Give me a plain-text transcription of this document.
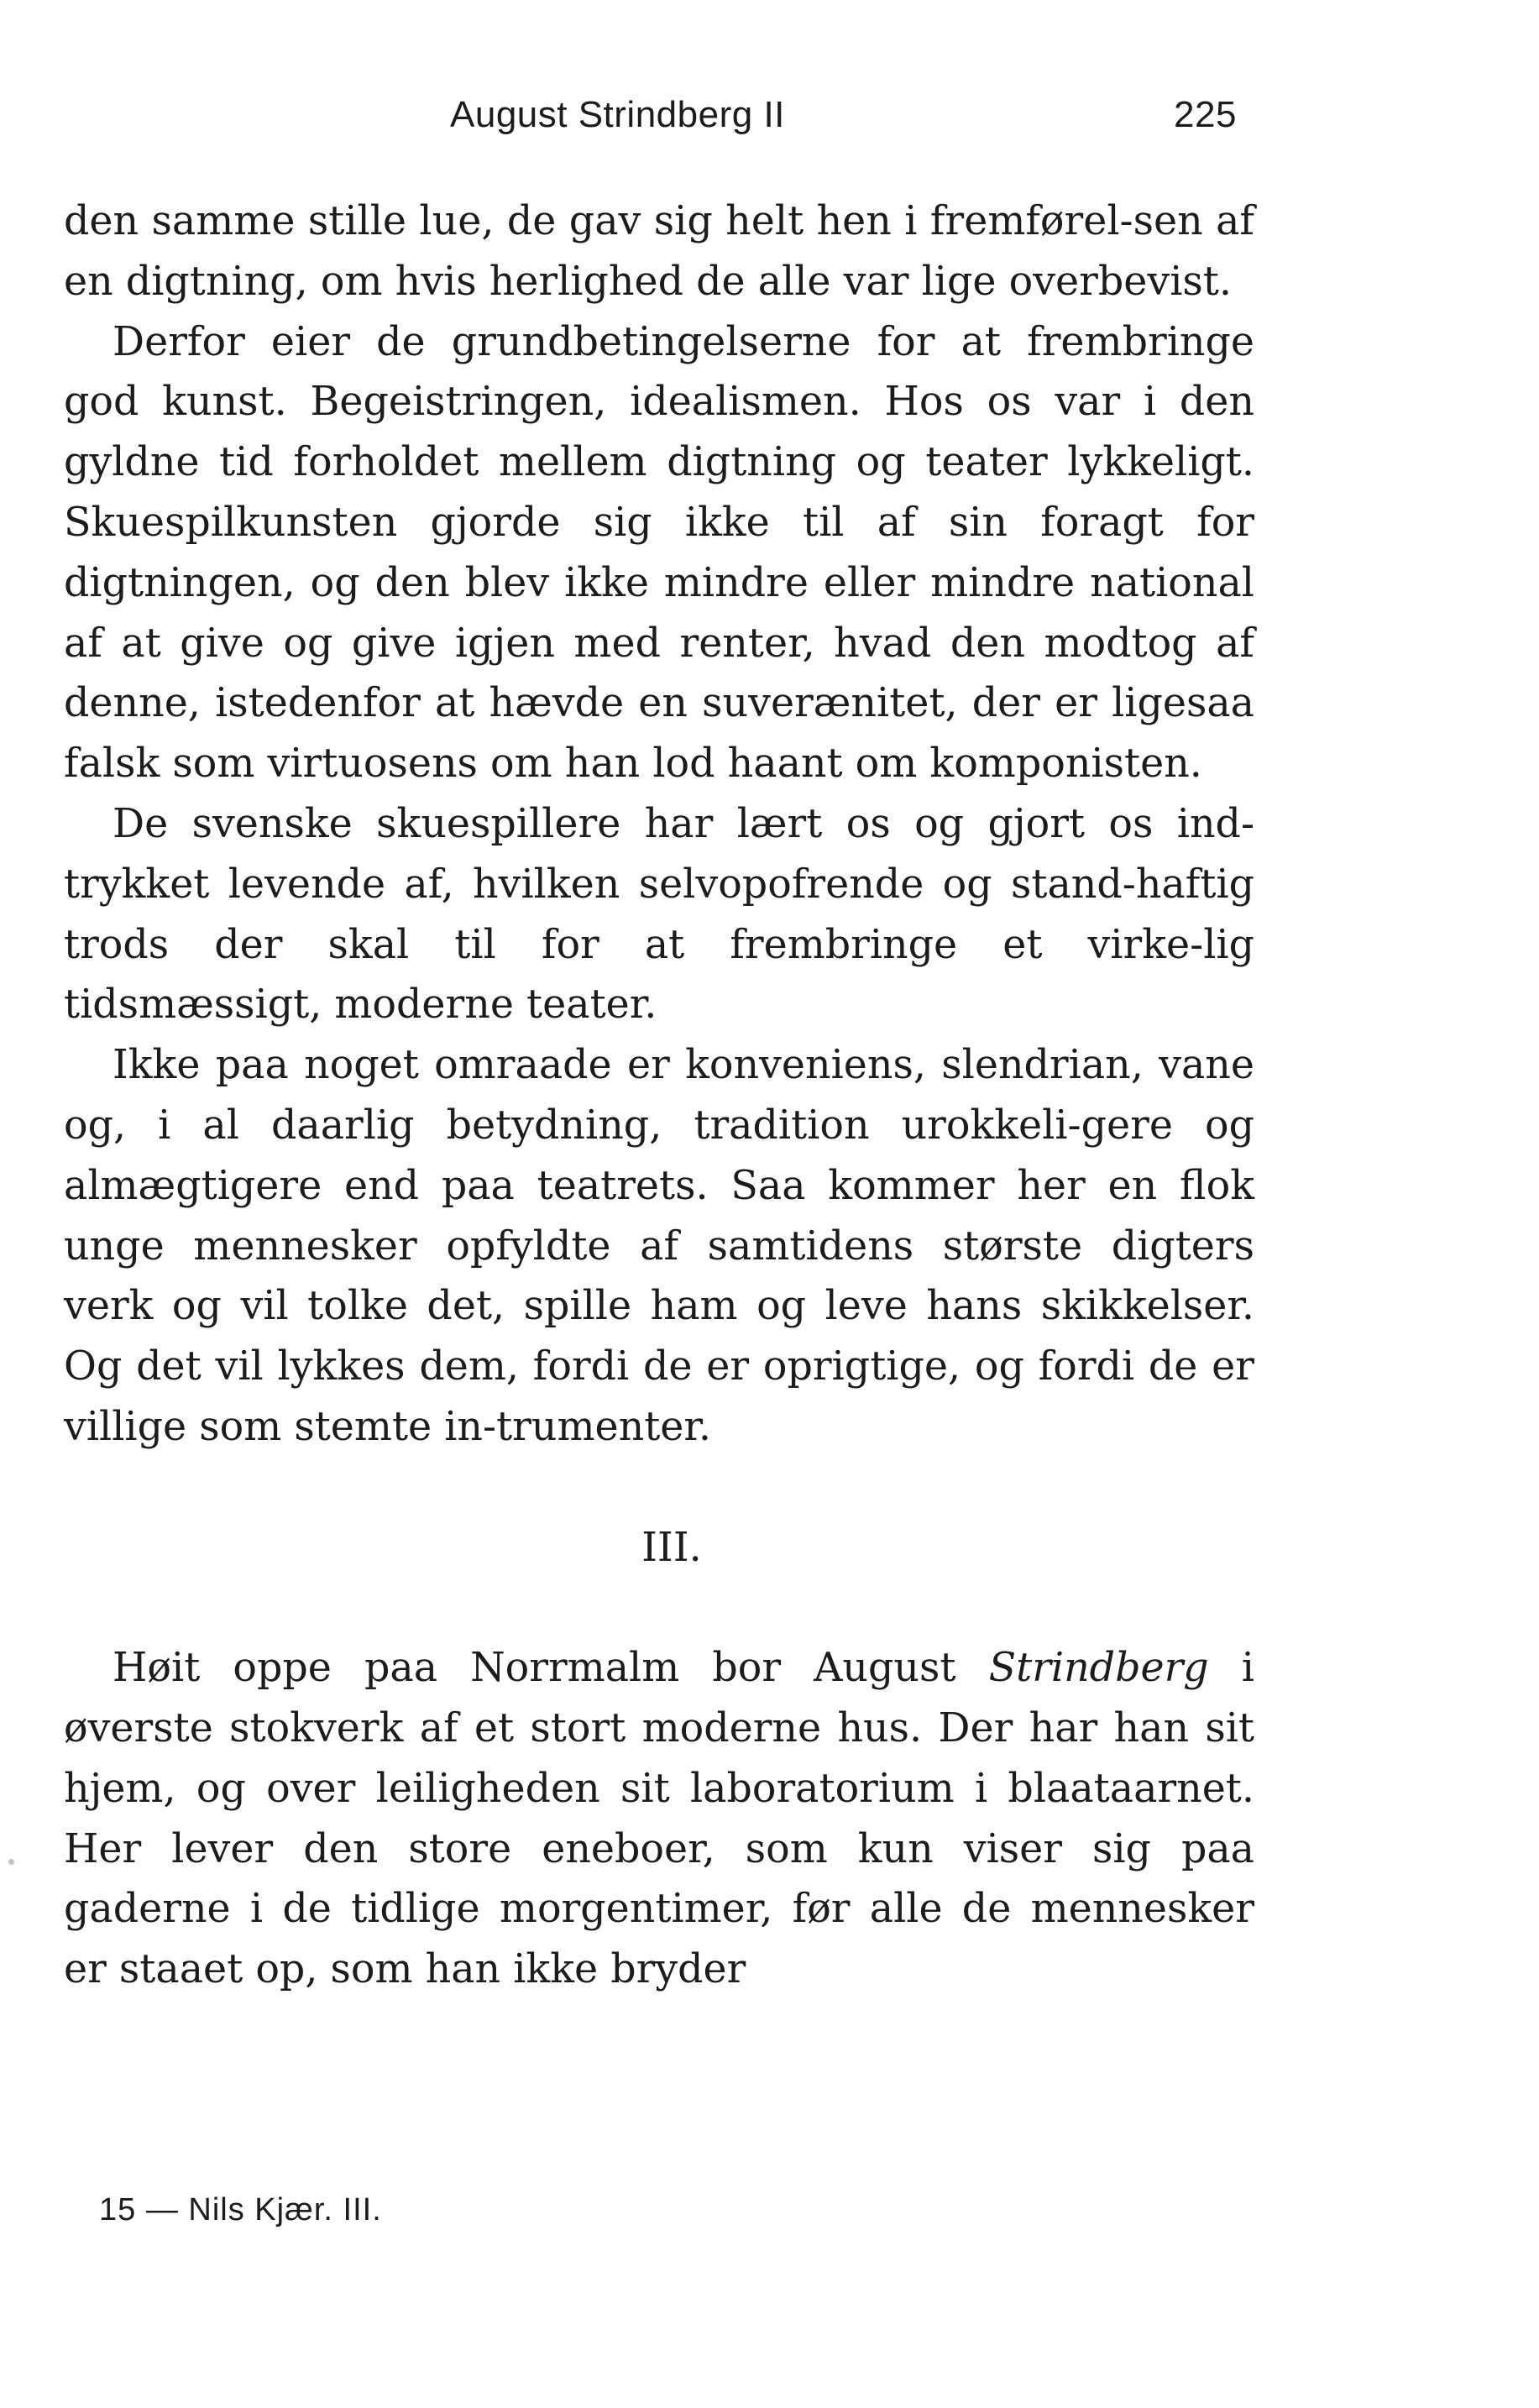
August Strindberg II	225

den samme stille lue, de gav sig helt hen i fremførel-sen af en digtning, om hvis herlighed de alle var lige overbevist.

Derfor eier de grundbetingelserne for at frembringe god kunst. Begeistringen, idealismen. Hos os var i den gyldne tid forholdet mellem digtning og teater lykkeligt. Skuespilkunsten gjorde sig ikke til af sin foragt for digtningen, og den blev ikke mindre eller mindre national af at give og give igjen med renter, hvad den modtog af denne, istedenfor at hævde en suverænitet, der er ligesaa falsk som virtuosens om han lod haant om komponisten.

De svenske skuespillere har lært os og gjort os ind-trykket levende af, hvilken selvopofrende og stand-haftig trods der skal til for at frembringe et virke-lig tidsmæssigt, moderne teater.

Ikke paa noget omraade er konveniens, slendrian, vane og, i al daarlig betydning, tradition urokkeli-gere og almægtigere end paa teatrets. Saa kommer her en flok unge mennesker opfyldte af samtidens største digters verk og vil tolke det, spille ham og leve hans skikkelser. Og det vil lykkes dem, fordi de er oprigtige, og fordi de er villige som stemte in-trumenter.

III.

Høit oppe paa Norrmalm bor August Strindberg i øverste stokverk af et stort moderne hus. Der har han sit hjem, og over leiligheden sit laboratorium i blaataarnet. Her lever den store eneboer, som kun viser sig paa gaderne i de tidlige morgentimer, før alle de mennesker er staaet op, som han ikke bryder

15 — Nils Kjær. III.
